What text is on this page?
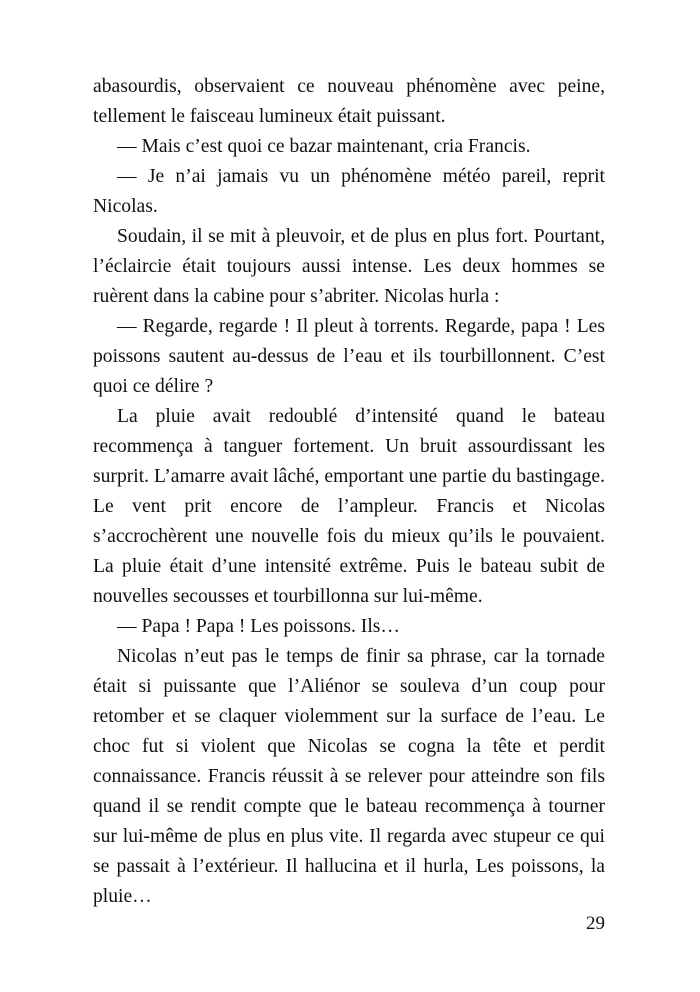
abasourdis, observaient ce nouveau phénomène avec peine, tellement le faisceau lumineux était puissant.

— Mais c’est quoi ce bazar maintenant, cria Francis.

— Je n’ai jamais vu un phénomène météo pareil, reprit Nicolas.

Soudain, il se mit à pleuvoir, et de plus en plus fort. Pourtant, l’éclaircie était toujours aussi intense. Les deux hommes se ruèrent dans la cabine pour s’abriter. Nicolas hurla :

— Regarde, regarde ! Il pleut à torrents. Regarde, papa ! Les poissons sautent au-dessus de l’eau et ils tourbillonnent. C’est quoi ce délire ?

La pluie avait redoublé d’intensité quand le bateau recommença à tanguer fortement. Un bruit assourdissant les surprit. L’amarre avait lâché, emportant une partie du bastingage. Le vent prit encore de l’ampleur. Francis et Nicolas s’accrochèrent une nouvelle fois du mieux qu’ils le pouvaient. La pluie était d’une intensité extrême. Puis le bateau subit de nouvelles secousses et tourbillonna sur lui-même.

— Papa ! Papa ! Les poissons. Ils…

Nicolas n’eut pas le temps de finir sa phrase, car la tornade était si puissante que l’Aliénor se souleva d’un coup pour retomber et se claquer violemment sur la surface de l’eau. Le choc fut si violent que Nicolas se cogna la tête et perdit connaissance. Francis réussit à se relever pour atteindre son fils quand il se rendit compte que le bateau recommença à tourner sur lui-même de plus en plus vite. Il regarda avec stupeur ce qui se passait à l’extérieur. Il hallucina et il hurla, Les poissons, la pluie…

29
